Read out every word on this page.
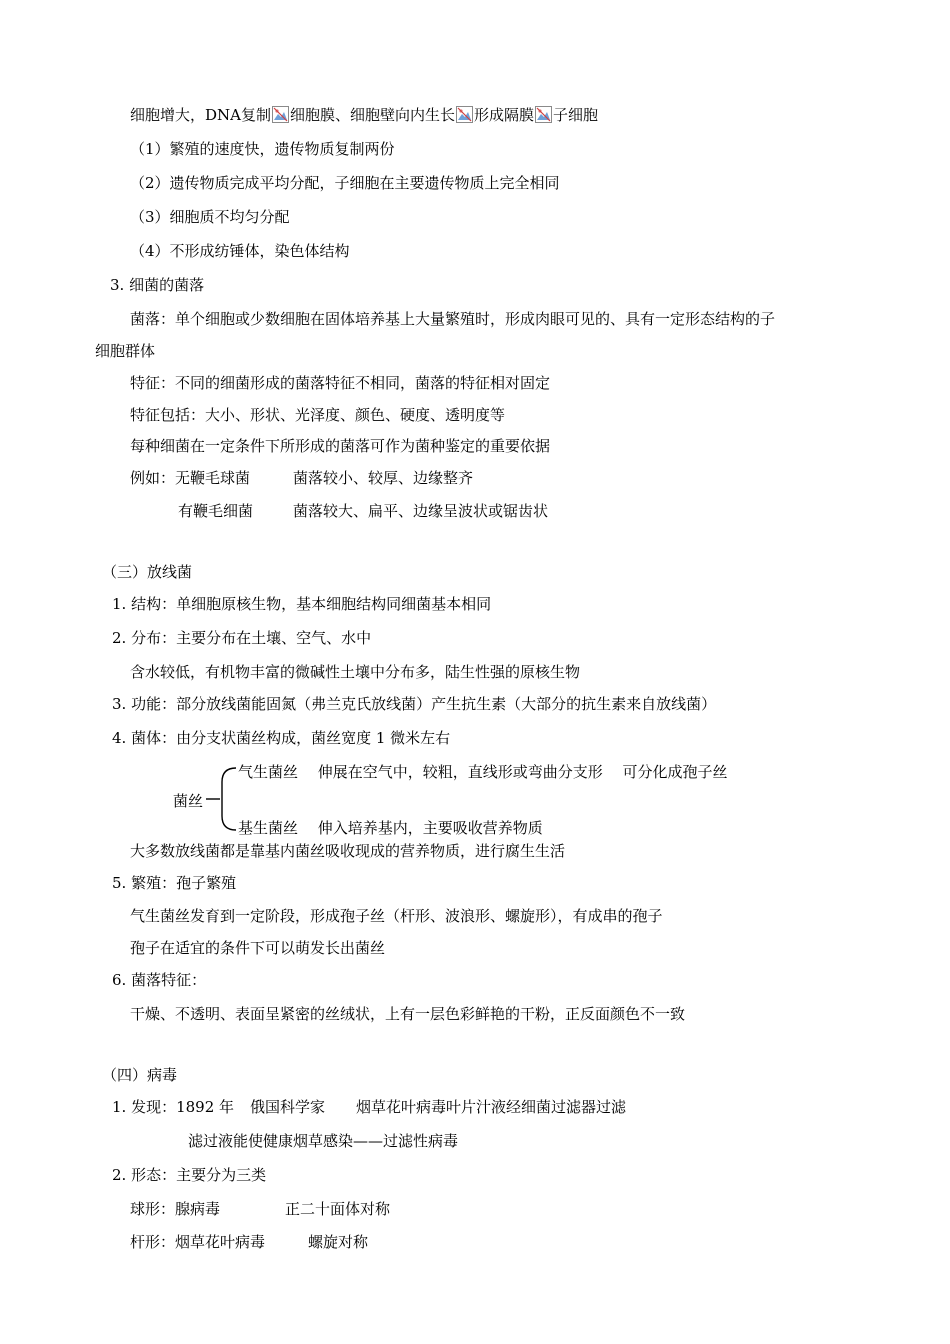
细胞增大，DNA复制 细胞膜、细胞壁向内生长 形成隔膜 子细胞
（1）繁殖的速度快，遗传物质复制两份
（2）遗传物质完成平均分配，子细胞在主要遗传物质上完全相同
（3）细胞质不均匀分配
（4）不形成纺锤体，染色体结构
3. 细菌的菌落
菌落：单个细胞或少数细胞在固体培养基上大量繁殖时，形成肉眼可见的、具有一定形态结构的子
细胞群体
特征：不同的细菌形成的菌落特征不相同，菌落的特征相对固定
特征包括：大小、形状、光泽度、颜色、硬度、透明度等
每种细菌在一定条件下所形成的菌落可作为菌种鉴定的重要依据
例如：无鞭毛球菌	菌落较小、较厚、边缘整齐
有鞭毛细菌	菌落较大、扁平、边缘呈波状或锯齿状
（三）放线菌
1. 结构：单细胞原核生物，基本细胞结构同细菌基本相同
2. 分布：主要分布在土壤、空气、水中
含水较低，有机物丰富的微碱性土壤中分布多，陆生性强的原核生物
3. 功能：部分放线菌能固氮（弗兰克氏放线菌）产生抗生素（大部分的抗生素来自放线菌）
4. 菌体：由分支状菌丝构成，菌丝宽度 1 微米左右
菌丝
气生菌丝　 伸展在空气中，较粗，直线形或弯曲分支形　 可分化成孢子丝
基生菌丝　 伸入培养基内，主要吸收营养物质
大多数放线菌都是靠基内菌丝吸收现成的营养物质，进行腐生生活
5. 繁殖：孢子繁殖
气生菌丝发育到一定阶段，形成孢子丝（杆形、波浪形、螺旋形），有成串的孢子
孢子在适宜的条件下可以萌发长出菌丝
6. 菌落特征：
干燥、不透明、表面呈紧密的丝绒状，上有一层色彩鲜艳的干粉，正反面颜色不一致
（四）病毒
1. 发现：1892 年 俄国科学家 烟草花叶病毒叶片汁液经细菌过滤器过滤
滤过液能使健康烟草感染——过滤性病毒
2. 形态：主要分为三类
球形：腺病毒	正二十面体对称
杆形：烟草花叶病毒	螺旋对称
